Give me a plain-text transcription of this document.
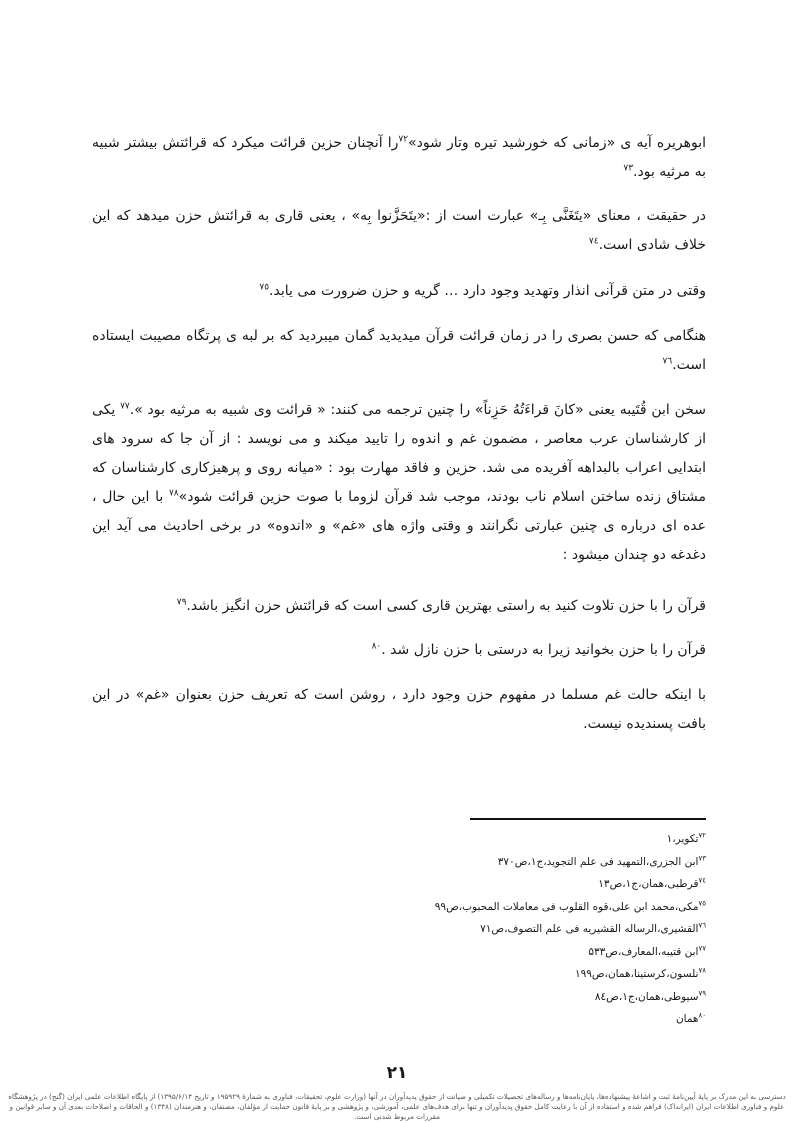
ابوهریره آیه ی «زمانی که خورشید تیره وتار شود»$^{۷۲}$را آنچنان حزین قرائت میکرد که قرائتش بیشتر شبیه به مرثیه بود.$^{۷۳}$

در حقیقت ، معنای «یتَغَنَّی بِـ» عبارت است از :«یتَحَزَّنوا بِه» ، یعنی قاری به قرائتش حزن میدهد که این خلاف شادی است.$^{۷٤}$

وقتی در متن قرآنی انذار وتهدید وجود دارد … گریه و حزن ضرورت می یابد.$^{۷٥}$

هنگامی که حسن بصری را در زمان قرائت قرآن میدیدید گمان میبردید که بر لبه ی پرتگاه مصیبت ایستاده است.$^{۷٦}$

سخن ابن قُتَیبه یعنی «کانَ قراءَتُهُ حَزِناً» را چنین ترجمه می کنند: « قرائت وی شبیه به مرثیه بود ».$^{۷۷}$ یکی از کارشناسان عرب معاصر ، مضمون غم و اندوه را تایید میکند و می نویسد : از آن جا که سرود های ابتدایی اعراب بالبداهه آفریده می شد. حزین و فاقد مهارت بود : «میانه روی و پرهیزکاری کارشناسان که مشتاق زنده ساختن اسلام ناب بودند، موجب شد قرآن لزوما با صوت حزین قرائت شود»$^{۷۸}$ با این حال ، عده ای درباره ی چنین عبارتی نگرانند و وقتی واژه های «غم» و «اندوه» در برخی احادیث می آید این دغدغه دو چندان میشود :

قرآن را با حزن تلاوت کنید به راستی بهترین قاری کسی است که قرائتش حزن انگیز باشد.$^{۷۹}$

قرآن را با حزن بخوانید زیرا به درستی با حزن نازل شد .$^{۸۰}$

با اینکه حالت غم مسلما در مفهوم حزن وجود دارد ، روشن است که تعریف حزن بعنوان «غم» در این بافت پسندیده نیست.

$^{۷۲}$تکویر،۱
$^{۷۳}$ابن الجزری،التمهید فی علم التجوید،ج۱،ص۳۷۰
$^{۷٤}$قرطبی،همان،ج۱،ص۱۳
$^{۷٥}$مکی،محمد ابن علی،قوه القلوب فی معاملات المحبوب،ص۹۹
$^{۷٦}$القشیری،الرساله القشیریه فی علم التصوف،ص۷۱
$^{۷۷}$ابن قتیبه،المعارف،ص۵۳۳
$^{۷۸}$نلسون،کرستینا،همان،ص۱۹۹
$^{۷۹}$سیوطی،همان،ج۱،ص۸٤
$^{۸۰}$همان
۲۱
دسترسی به این مدرک بر پایهٔ آیین‌نامهٔ ثبت و اشاعهٔ پیشنهاده‌ها، پایان‌نامه‌ها و رساله‌های تحصیلات تکمیلی و صیانت از حقوق پدیدآوران در آنها (وزارت علوم، تحقیقات، فناوری به شمارهٔ ۱۹۵۹۲۹ و تاریخ ۱۳۹۵/۶/۱۴) از پایگاه اطلاعات علمی ایران (گنج) در پژوهشگاه علوم و فناوری اطلاعات ایران (ایرانداک) فراهم شده و استفاده از آن با رعایت کامل حقوق پدیدآوران و تنها برای هدف‌های علمی، آموزشی، و پژوهشی و بر پایهٔ قانون حمایت از مؤلفان، مصنفان، و هنرمندان (۱۳۴۸) و الحاقات و اصلاحات بعدی آن و سایر قوانین و مقررات مربوط شدنی است.
